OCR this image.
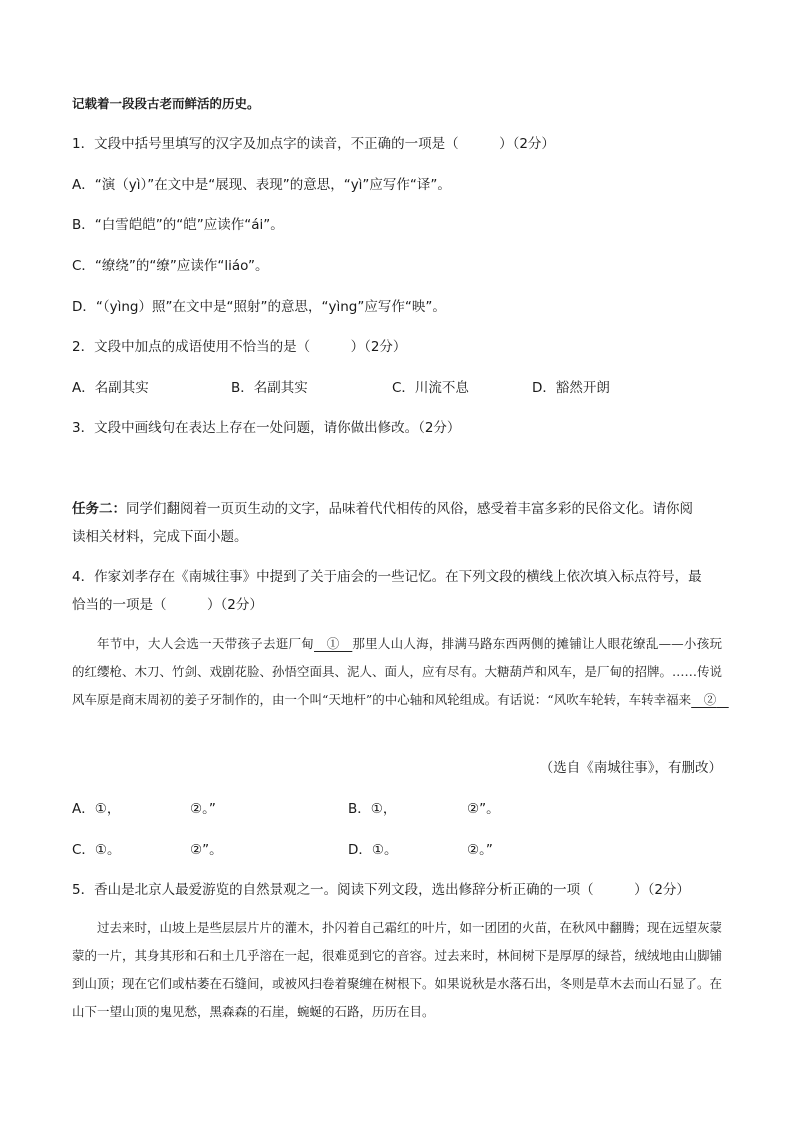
记载着一段段古老而鲜活的历史。
1．文段中括号里填写的汉字及加点字的读音，不正确的一项是（　　　）（2分）
A．“演（yì）”在文中是“展现、表现”的意思，“yì”应写作“译”。
B．“白雪皑皑”的“皑”应读作“ái”。
C．“缭绕”的“缭”应读作“liáo”。
D．“（yìng）照”在文中是“照射”的意思，“yìng”应写作“映”。
2．文段中加点的成语使用不恰当的是（　　　）（2分）
A．名副其实	B．名副其实	C．川流不息	D．豁然开朗
3．文段中画线句在表达上存在一处问题，请你做出修改。（2分）
任务二：同学们翻阅着一页页生动的文字，品味着代代相传的风俗，感受着丰富多彩的民俗文化。请你阅
读相关材料，完成下面小题。
4．作家刘孝存在《南城往事》中提到了关于庙会的一些记忆。在下列文段的横线上依次填入标点符号，最
恰当的一项是（　　　）（2分）

年节中，大人会选一天带孩子去逛厂甸　①　那里人山人海，排满马路东西两侧的摊铺让人眼花缭乱——小孩玩的红缨枪、木刀、竹剑、戏剧花脸、孙悟空面具、泥人、面人，应有尽有。大糖葫芦和风车，是厂甸的招牌。……传说风车原是商末周初的姜子牙制作的，由一个叫“天地杆”的中心轴和风轮组成。有话说：“风吹车轮转，车转幸福来　②　

（选自《南城往事》，有删改）
A．①，	②。”	B．①，	②”。
C．①。	②”。	D．①。	②。”
5．香山是北京人最爱游览的自然景观之一。阅读下列文段，选出修辞分析正确的一项（　　　）（2分）

过去来时，山坡上是些层层片片的灌木，扑闪着自己霜红的叶片，如一团团的火苗，在秋风中翻腾；现在远望灰蒙蒙的一片，其身其形和石和土几乎溶在一起，很难觅到它的音容。过去来时，林间树下是厚厚的绿苔，绒绒地由山脚铺到山顶；现在它们或枯萎在石缝间，或被风扫卷着聚缠在树根下。如果说秋是水落石出，冬则是草木去而山石显了。在山下一望山顶的鬼见愁，黑森森的石崖，蜿蜒的石路，历历在目。
